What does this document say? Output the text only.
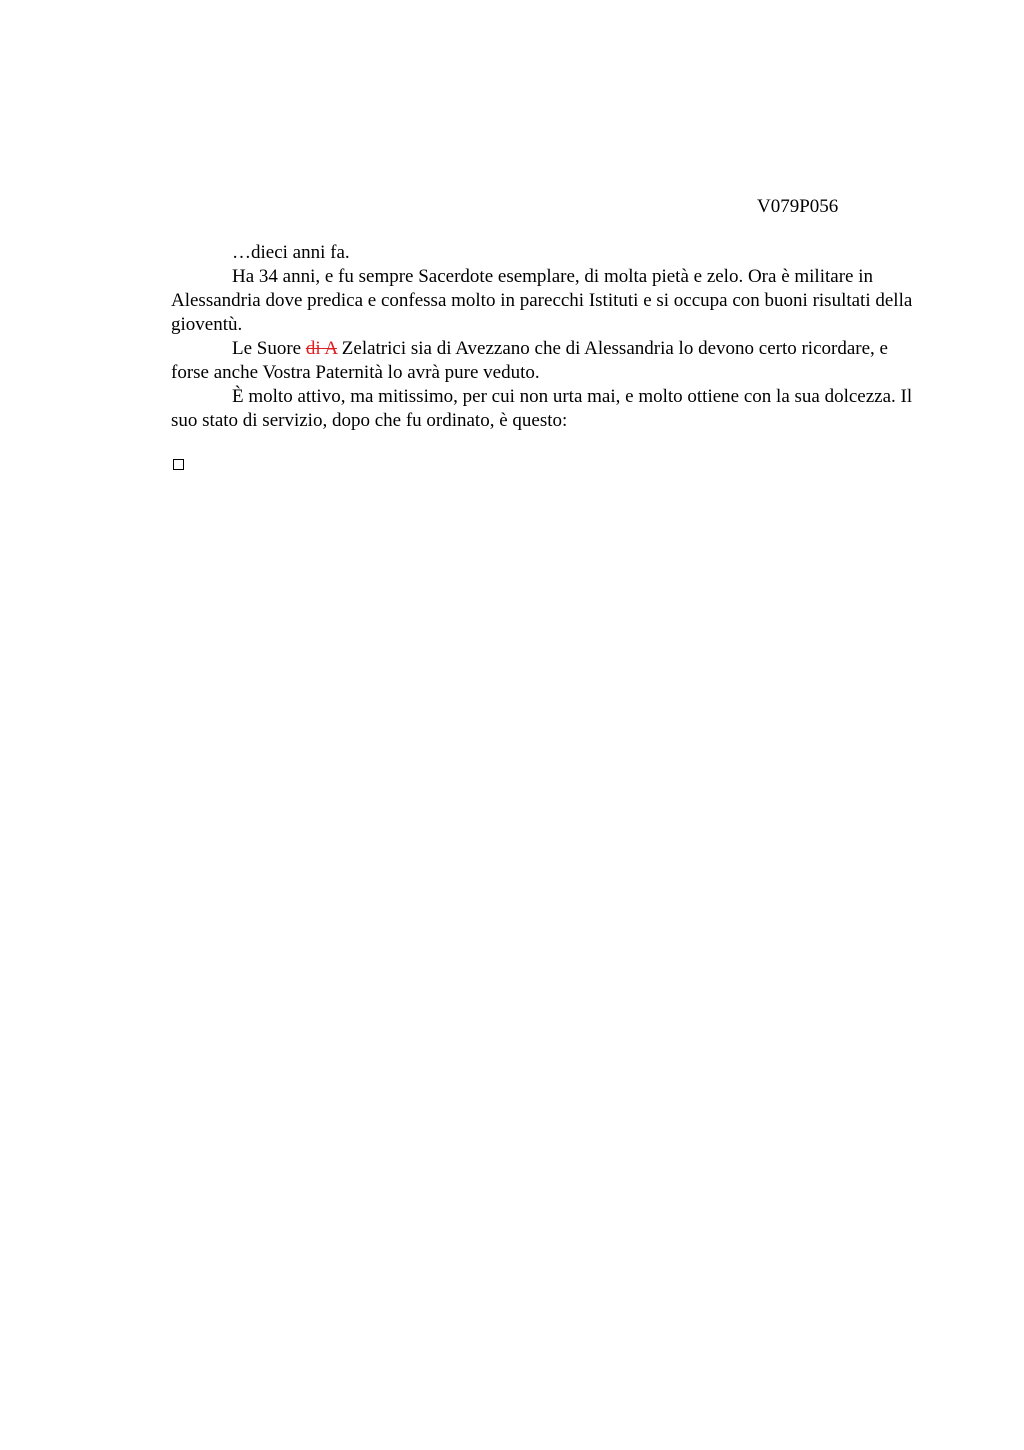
V079P056

…dieci anni fa.

Ha 34 anni, e fu sempre Sacerdote esemplare, di molta pietà e zelo. Ora è militare in Alessandria dove predica e confessa molto in parecchi Istituti e si occupa con buoni risultati della gioventù.

Le Suore di A Zelatrici sia di Avezzano che di Alessandria lo devono certo ricordare, e forse anche Vostra Paternità lo avrà pure veduto.

È molto attivo, ma mitissimo, per cui non urta mai, e molto ottiene con la sua dolcezza. Il suo stato di servizio, dopo che fu ordinato, è questo:
